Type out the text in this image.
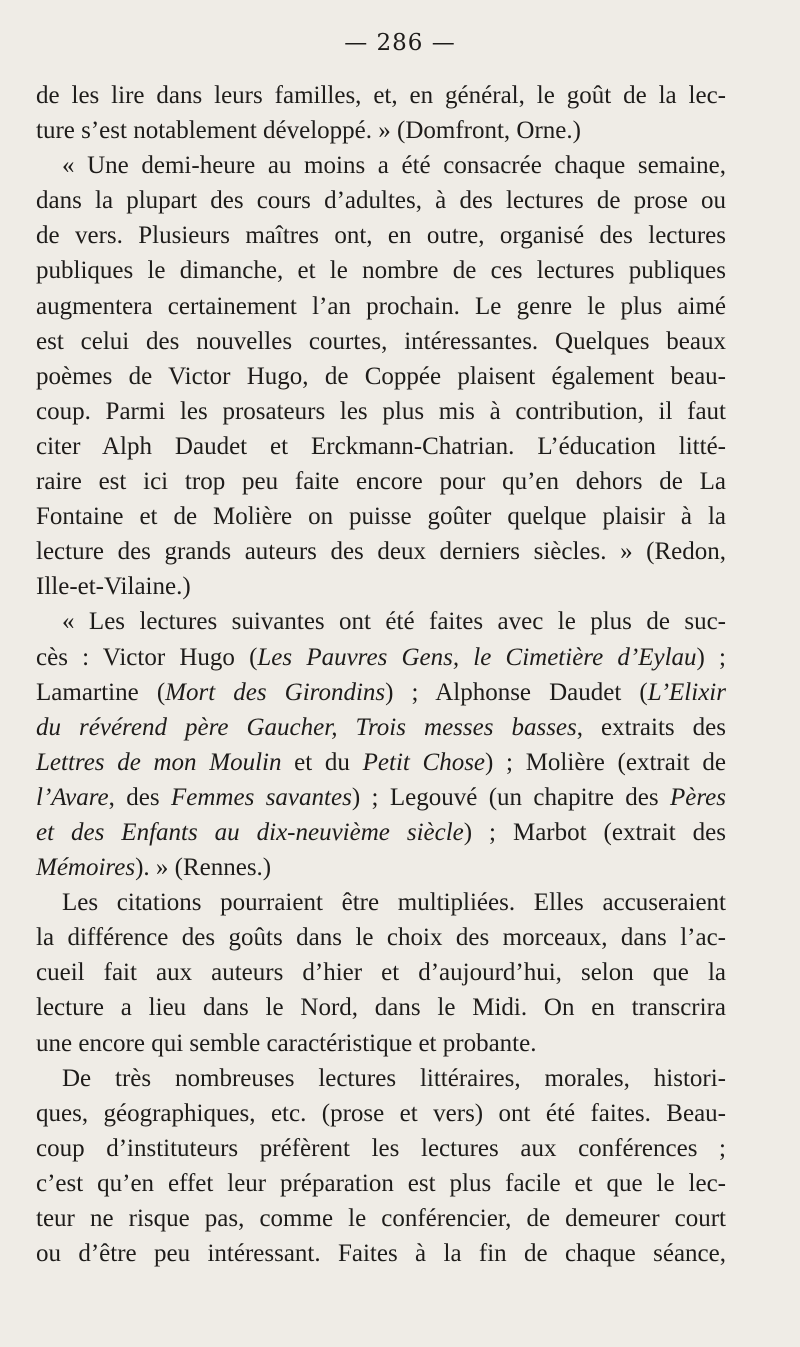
— 286 —
de les lire dans leurs familles, et, en général, le goût de la lec-
ture s’est notablement développé. » (Domfront, Orne.)
« Une demi-heure au moins a été consacrée chaque semaine,
dans la plupart des cours d’adultes, à des lectures de prose ou
de vers. Plusieurs maîtres ont, en outre, organisé des lectures
publiques le dimanche, et le nombre de ces lectures publiques
augmentera certainement l’an prochain. Le genre le plus aimé
est celui des nouvelles courtes, intéressantes. Quelques beaux
poèmes de Victor Hugo, de Coppée plaisent également beau-
coup. Parmi les prosateurs les plus mis à contribution, il faut
citer Alph Daudet et Erckmann-Chatrian. L’éducation litté-
raire est ici trop peu faite encore pour qu’en dehors de La
Fontaine et de Molière on puisse goûter quelque plaisir à la
lecture des grands auteurs des deux derniers siècles. » (Redon,
Ille-et-Vilaine.)
« Les lectures suivantes ont été faites avec le plus de suc-
cès : Victor Hugo (Les Pauvres Gens, le Cimetière d’Eylau) ;
Lamartine (Mort des Girondins) ; Alphonse Daudet (L’Elixir
du révérend père Gaucher, Trois messes basses, extraits des
Lettres de mon Moulin et du Petit Chose) ; Molière (extrait de
l’Avare, des Femmes savantes) ; Legouvé (un chapitre des Pères
et des Enfants au dix-neuvième siècle) ; Marbot (extrait des
Mémoires). » (Rennes.)
Les citations pourraient être multipliées. Elles accuseraient
la différence des goûts dans le choix des morceaux, dans l’ac-
cueil fait aux auteurs d’hier et d’aujourd’hui, selon que la
lecture a lieu dans le Nord, dans le Midi. On en transcrira
une encore qui semble caractéristique et probante.
De très nombreuses lectures littéraires, morales, histori-
ques, géographiques, etc. (prose et vers) ont été faites. Beau-
coup d’instituteurs préfèrent les lectures aux conférences ;
c’est qu’en effet leur préparation est plus facile et que le lec-
teur ne risque pas, comme le conférencier, de demeurer court
ou d’être peu intéressant. Faites à la fin de chaque séance,
